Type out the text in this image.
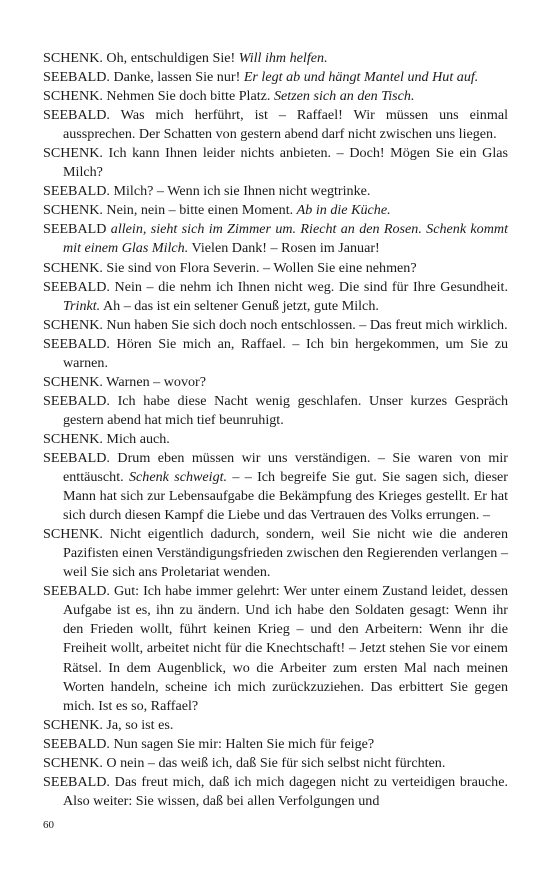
SCHENK. Oh, entschuldigen Sie! Will ihm helfen.

SEEBALD. Danke, lassen Sie nur! Er legt ab und hängt Mantel und Hut auf.

SCHENK. Nehmen Sie doch bitte Platz. Setzen sich an den Tisch.

SEEBALD. Was mich herführt, ist – Raffael! Wir müssen uns einmal aussprechen. Der Schatten von gestern abend darf nicht zwischen uns liegen.

SCHENK. Ich kann Ihnen leider nichts anbieten. – Doch! Mögen Sie ein Glas Milch?

SEEBALD. Milch? – Wenn ich sie Ihnen nicht wegtrinke.

SCHENK. Nein, nein – bitte einen Moment. Ab in die Küche.

SEEBALD allein, sieht sich im Zimmer um. Riecht an den Rosen. Schenk kommt mit einem Glas Milch. Vielen Dank! – Rosen im Januar!

SCHENK. Sie sind von Flora Severin. – Wollen Sie eine nehmen?

SEEBALD. Nein – die nehm ich Ihnen nicht weg. Die sind für Ihre Gesundheit. Trinkt. Ah – das ist ein seltener Genuß jetzt, gute Milch.

SCHENK. Nun haben Sie sich doch noch entschlossen. – Das freut mich wirklich.

SEEBALD. Hören Sie mich an, Raffael. – Ich bin hergekommen, um Sie zu warnen.

SCHENK. Warnen – wovor?

SEEBALD. Ich habe diese Nacht wenig geschlafen. Unser kurzes Gespräch gestern abend hat mich tief beunruhigt.

SCHENK. Mich auch.

SEEBALD. Drum eben müssen wir uns verständigen. – Sie waren von mir enttäuscht. Schenk schweigt. – – Ich begreife Sie gut. Sie sagen sich, dieser Mann hat sich zur Lebensaufgabe die Bekämpfung des Krieges gestellt. Er hat sich durch diesen Kampf die Liebe und das Vertrauen des Volks errungen. –

SCHENK. Nicht eigentlich dadurch, sondern, weil Sie nicht wie die anderen Pazifisten einen Verständigungsfrieden zwischen den Regierenden verlangen – weil Sie sich ans Proletariat wenden.

SEEBALD. Gut: Ich habe immer gelehrt: Wer unter einem Zustand leidet, dessen Aufgabe ist es, ihn zu ändern. Und ich habe den Soldaten gesagt: Wenn ihr den Frieden wollt, führt keinen Krieg – und den Arbeitern: Wenn ihr die Freiheit wollt, arbeitet nicht für die Knechtschaft! – Jetzt stehen Sie vor einem Rätsel. In dem Augenblick, wo die Arbeiter zum ersten Mal nach meinen Worten handeln, scheine ich mich zurückzuziehen. Das erbittert Sie gegen mich. Ist es so, Raffael?

SCHENK. Ja, so ist es.

SEEBALD. Nun sagen Sie mir: Halten Sie mich für feige?

SCHENK. O nein – das weiß ich, daß Sie für sich selbst nicht fürchten.

SEEBALD. Das freut mich, daß ich mich dagegen nicht zu verteidigen brauche. Also weiter: Sie wissen, daß bei allen Verfolgungen und

60
